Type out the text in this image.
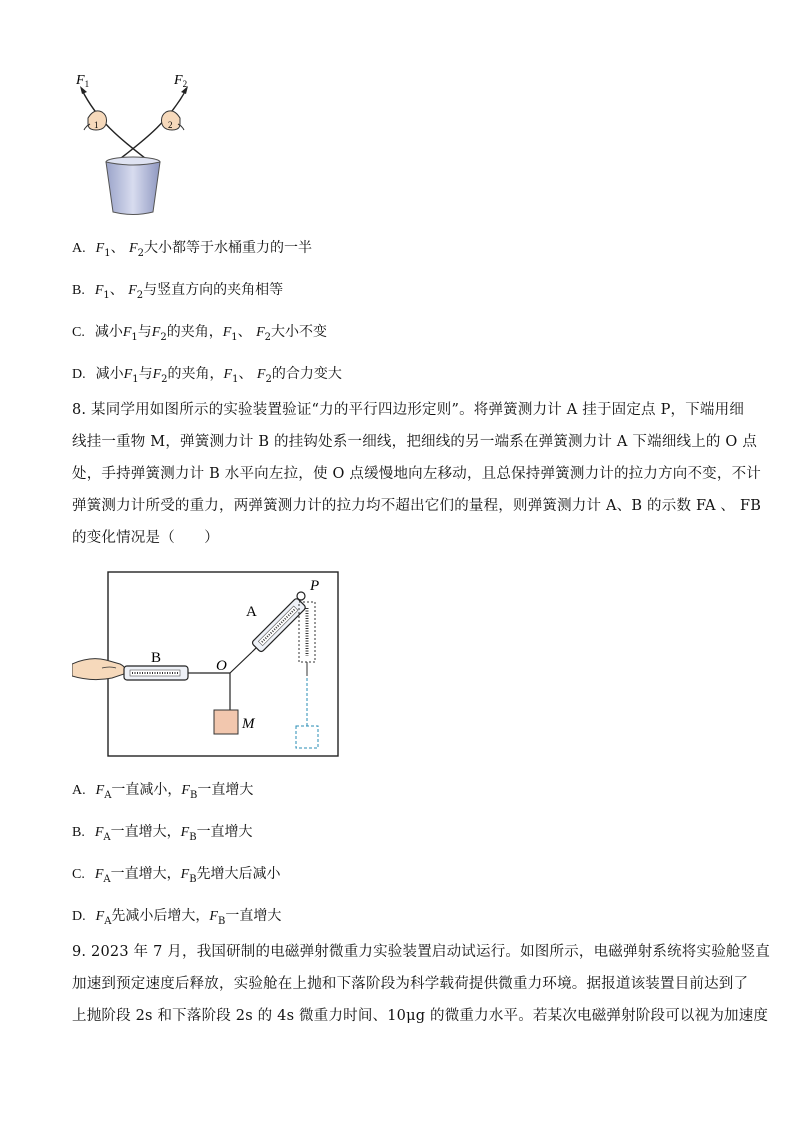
$F_1$	$F_2$
1	2
A. $F_1$、 $F_2$大小都等于水桶重力的一半
B. $F_1$、 $F_2$与竖直方向的夹角相等
C. 减小$F_1$与$F_2$的夹角，$F_1$、 $F_2$大小不变
D. 减小$F_1$与$F_2$的夹角，$F_1$、 $F_2$的合力变大
8. 某同学用如图所示的实验装置验证“力的平行四边形定则”。将弹簧测力计 A 挂于固定点 P，下端用细
线挂一重物 M，弹簧测力计 B 的挂钩处系一细线，把细线的另一端系在弹簧测力计 A 下端细线上的 O 点
处，手持弹簧测力计 B 水平向左拉，使 O 点缓慢地向左移动，且总保持弹簧测力计的拉力方向不变，不计
弹簧测力计所受的重力，两弹簧测力计的拉力均不超出它们的量程，则弹簧测力计 A、B 的示数 FA 、 FB
的变化情况是（　　）
A
B	O
M
P
A. $F_A$一直减小，$F_B$一直增大
B. $F_A$一直增大，$F_B$一直增大
C. $F_A$一直增大，$F_B$先增大后减小
D. $F_A$先减小后增大，$F_B$一直增大
9. 2023 年 7 月，我国研制的电磁弹射微重力实验装置启动试运行。如图所示，电磁弹射系统将实验舱竖直
加速到预定速度后释放，实验舱在上抛和下落阶段为科学载荷提供微重力环境。据报道该装置目前达到了
上抛阶段 2s 和下落阶段 2s 的 4s 微重力时间、10μg 的微重力水平。若某次电磁弹射阶段可以视为加速度
